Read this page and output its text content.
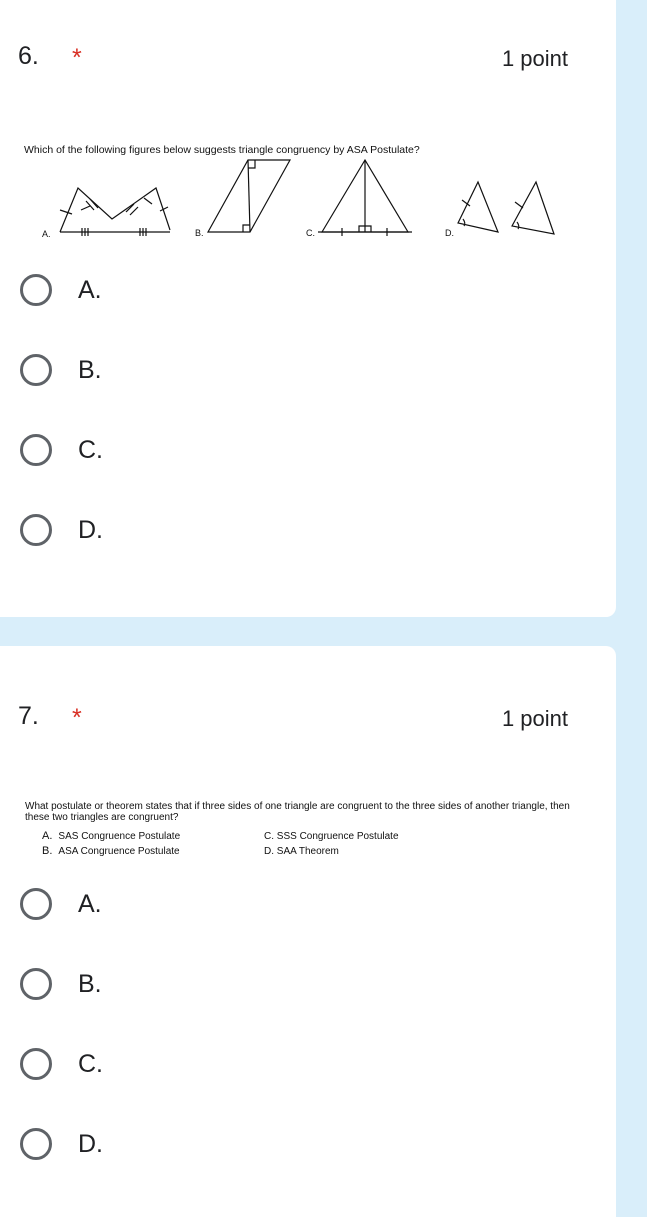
6. *	1 point
Which of the following figures below suggests triangle congruency by ASA Postulate?
A.	B.	C.	D.
A.
B.
C.
D.
7. *	1 point
What postulate or theorem states that if three sides of one triangle are congruent to the three sides of another triangle, then these two triangles are congruent?
A. SAS Congruence Postulate	C. SSS Congruence Postulate
B. ASA Congruence Postulate	D. SAA Theorem
A.
B.
C.
D.
